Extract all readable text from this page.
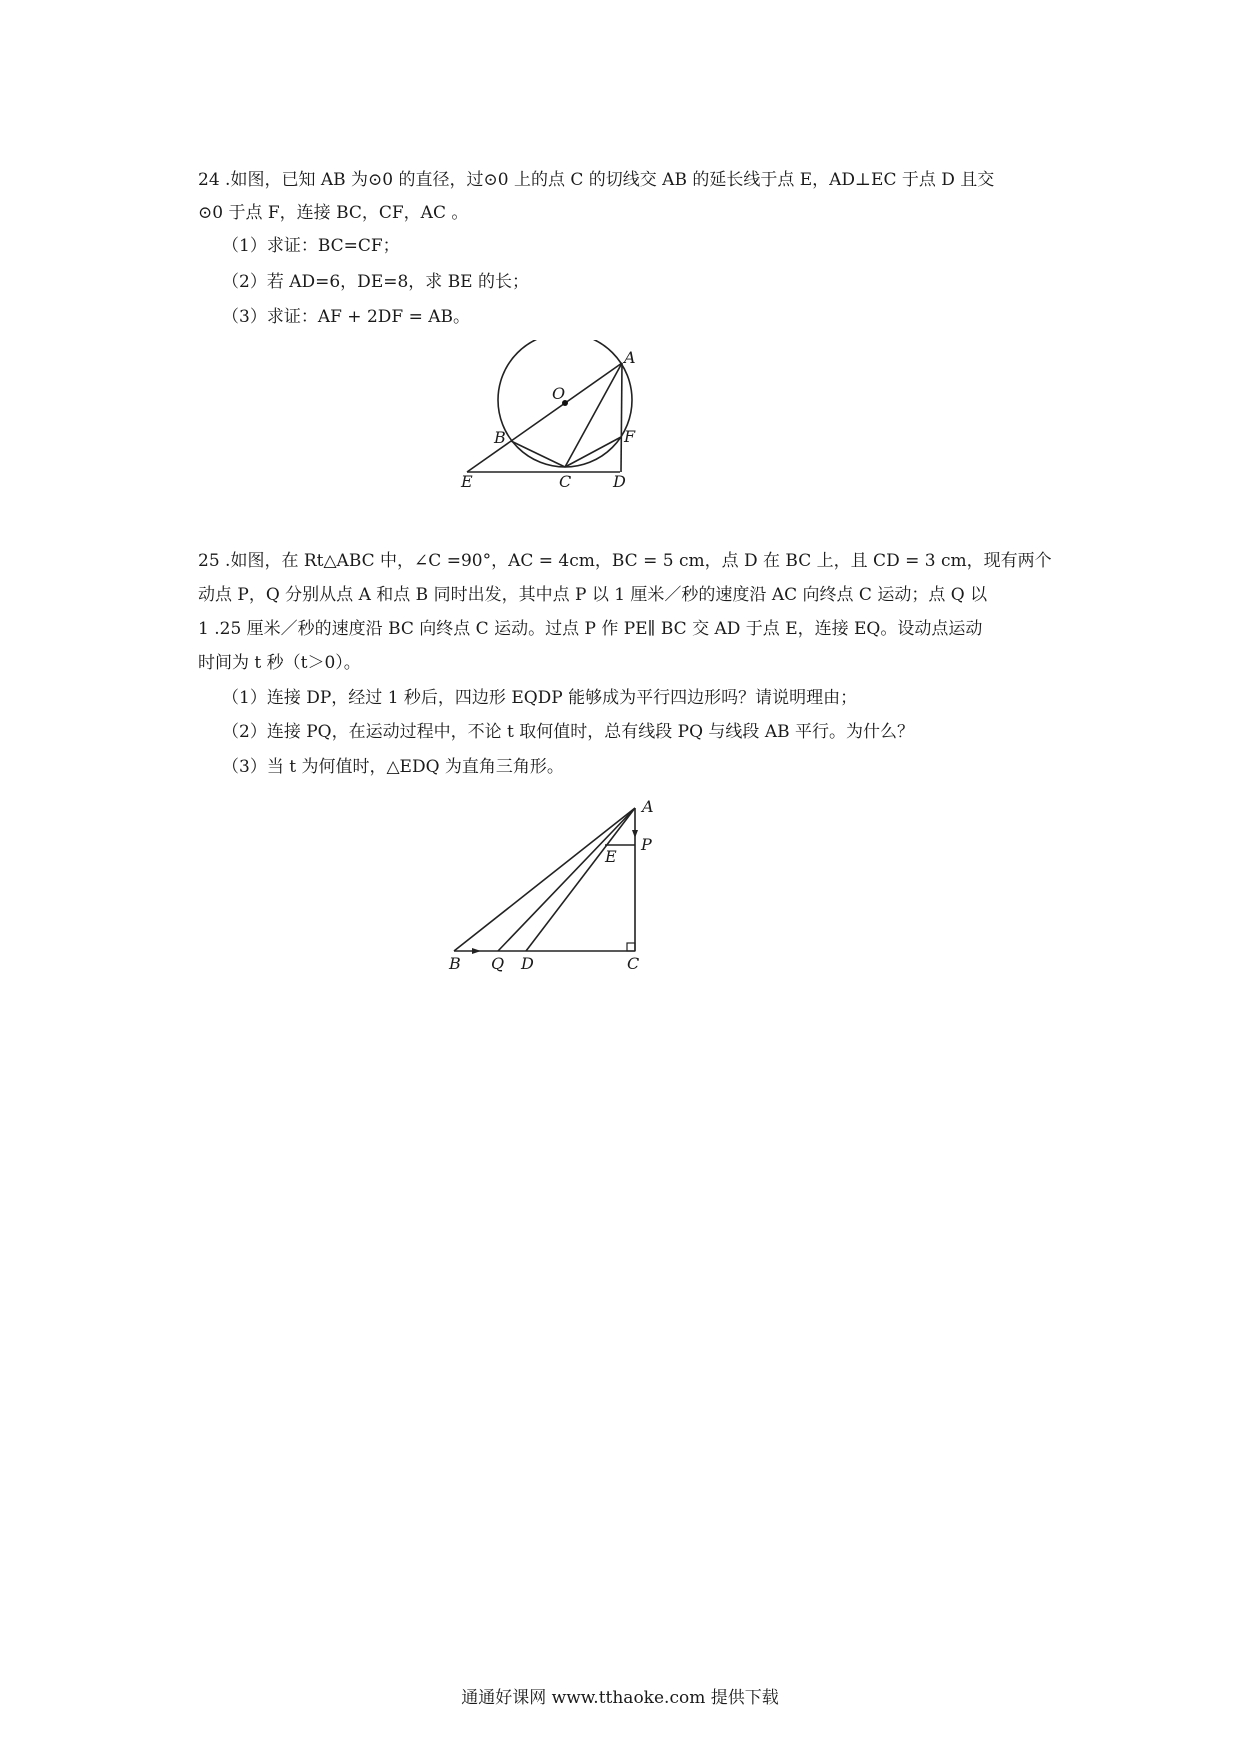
24 .如图，已知 AB 为⊙0 的直径，过⊙0 上的点 C 的切线交 AB 的延长线于点 E，AD⊥EC 于点 D 且交
⊙0 于点 F，连接 BC，CF，AC 。
（1）求证：BC=CF；
（2）若 AD=6，DE=8，求 BE 的长；
（3）求证：AF + 2DF = AB。
A
O
B	F
E	C	D
25 .如图，在 Rt△ABC 中，∠C =90°，AC = 4cm，BC = 5 cm，点 D 在 BC 上，且 CD = 3 cm，现有两个
动点 P，Q 分别从点 A 和点 B 同时出发，其中点 P 以 1 厘米／秒的速度沿 AC 向终点 C 运动；点 Q 以
1 .25 厘米／秒的速度沿 BC 向终点 C 运动。过点 P 作 PE∥ BC 交 AD 于点 E，连接 EQ。设动点运动
时间为 t 秒（t＞0）。
（1）连接 DP，经过 1 秒后，四边形 EQDP 能够成为平行四边形吗？请说明理由；
（2）连接 PQ，在运动过程中，不论 t 取何值时，总有线段 PQ 与线段 AB 平行。为什么？
（3）当 t 为何值时，△EDQ 为直角三角形。
A
P
E
B Q D	C
通通好课网 www.tthaoke.com 提供下载
